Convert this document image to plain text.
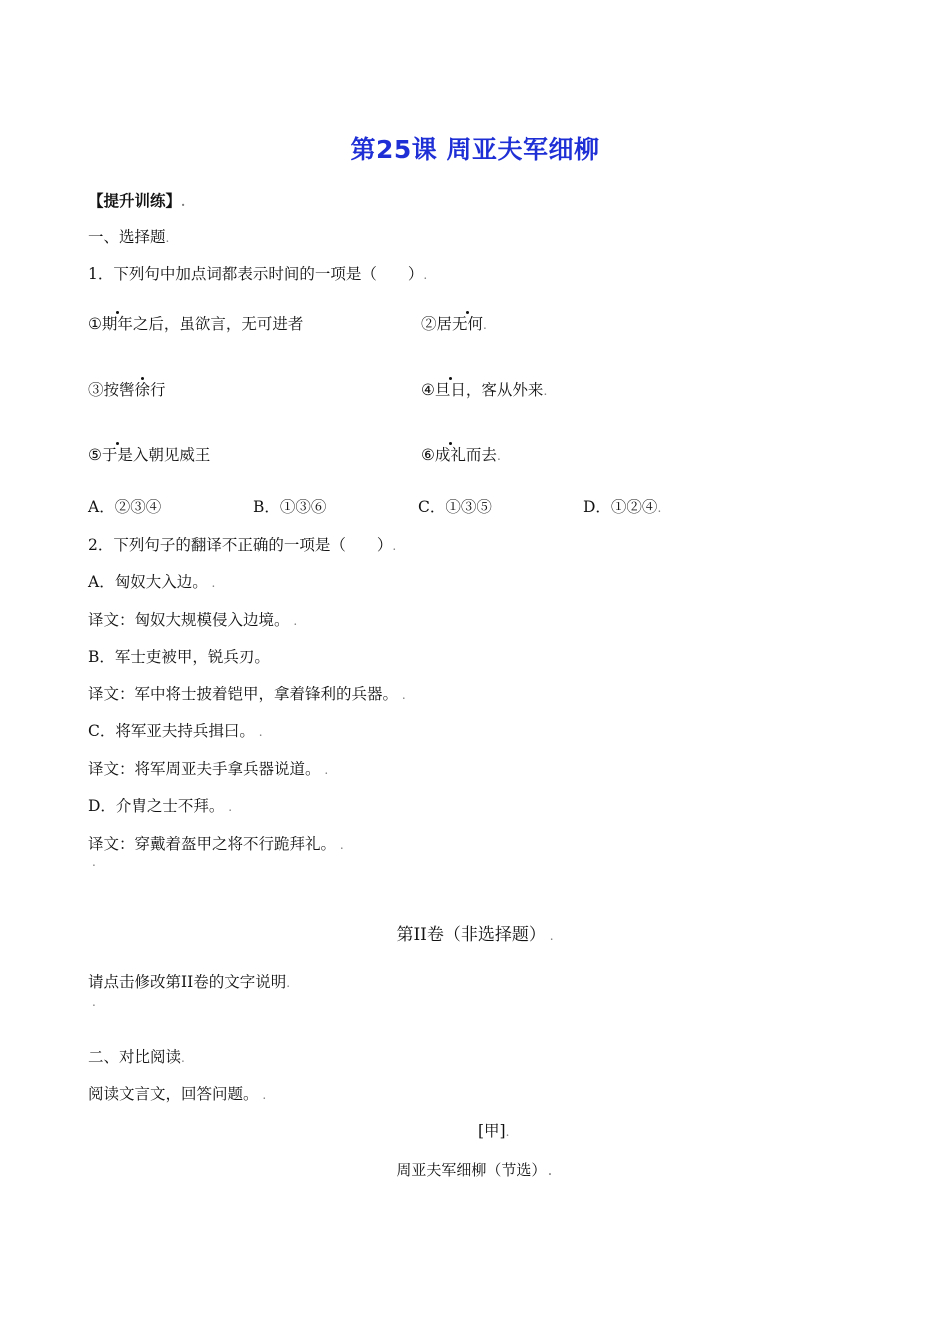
第25课 周亚夫军细柳
【提升训练】.
一、选择题.
1．下列句中加点词都表示时间的一项是（　　）.
①期年之后，虽欲言，无可进者	②居无何.
③按辔徐行	④旦日，客从外来.
⑤于是入朝见威王	⑥成礼而去.
A．②③④	B．①③⑥	C．①③⑤	D．①②④.
2．下列句子的翻译不正确的一项是（　　）.
A．匈奴大入边。 .
译文：匈奴大规模侵入边境。 .
B．军士吏被甲，锐兵刃。
译文：军中将士披着铠甲，拿着锋利的兵器。 .
C．将军亚夫持兵揖曰。 .
译文：将军周亚夫手拿兵器说道。 .
D．介胄之士不拜。 .
译文：穿戴着盔甲之将不行跪拜礼。 .
.
第II卷（非选择题） .
请点击修改第II卷的文字说明.
.
二、对比阅读.
阅读文言文，回答问题。 .
[甲].
周亚夫军细柳（节选）.
